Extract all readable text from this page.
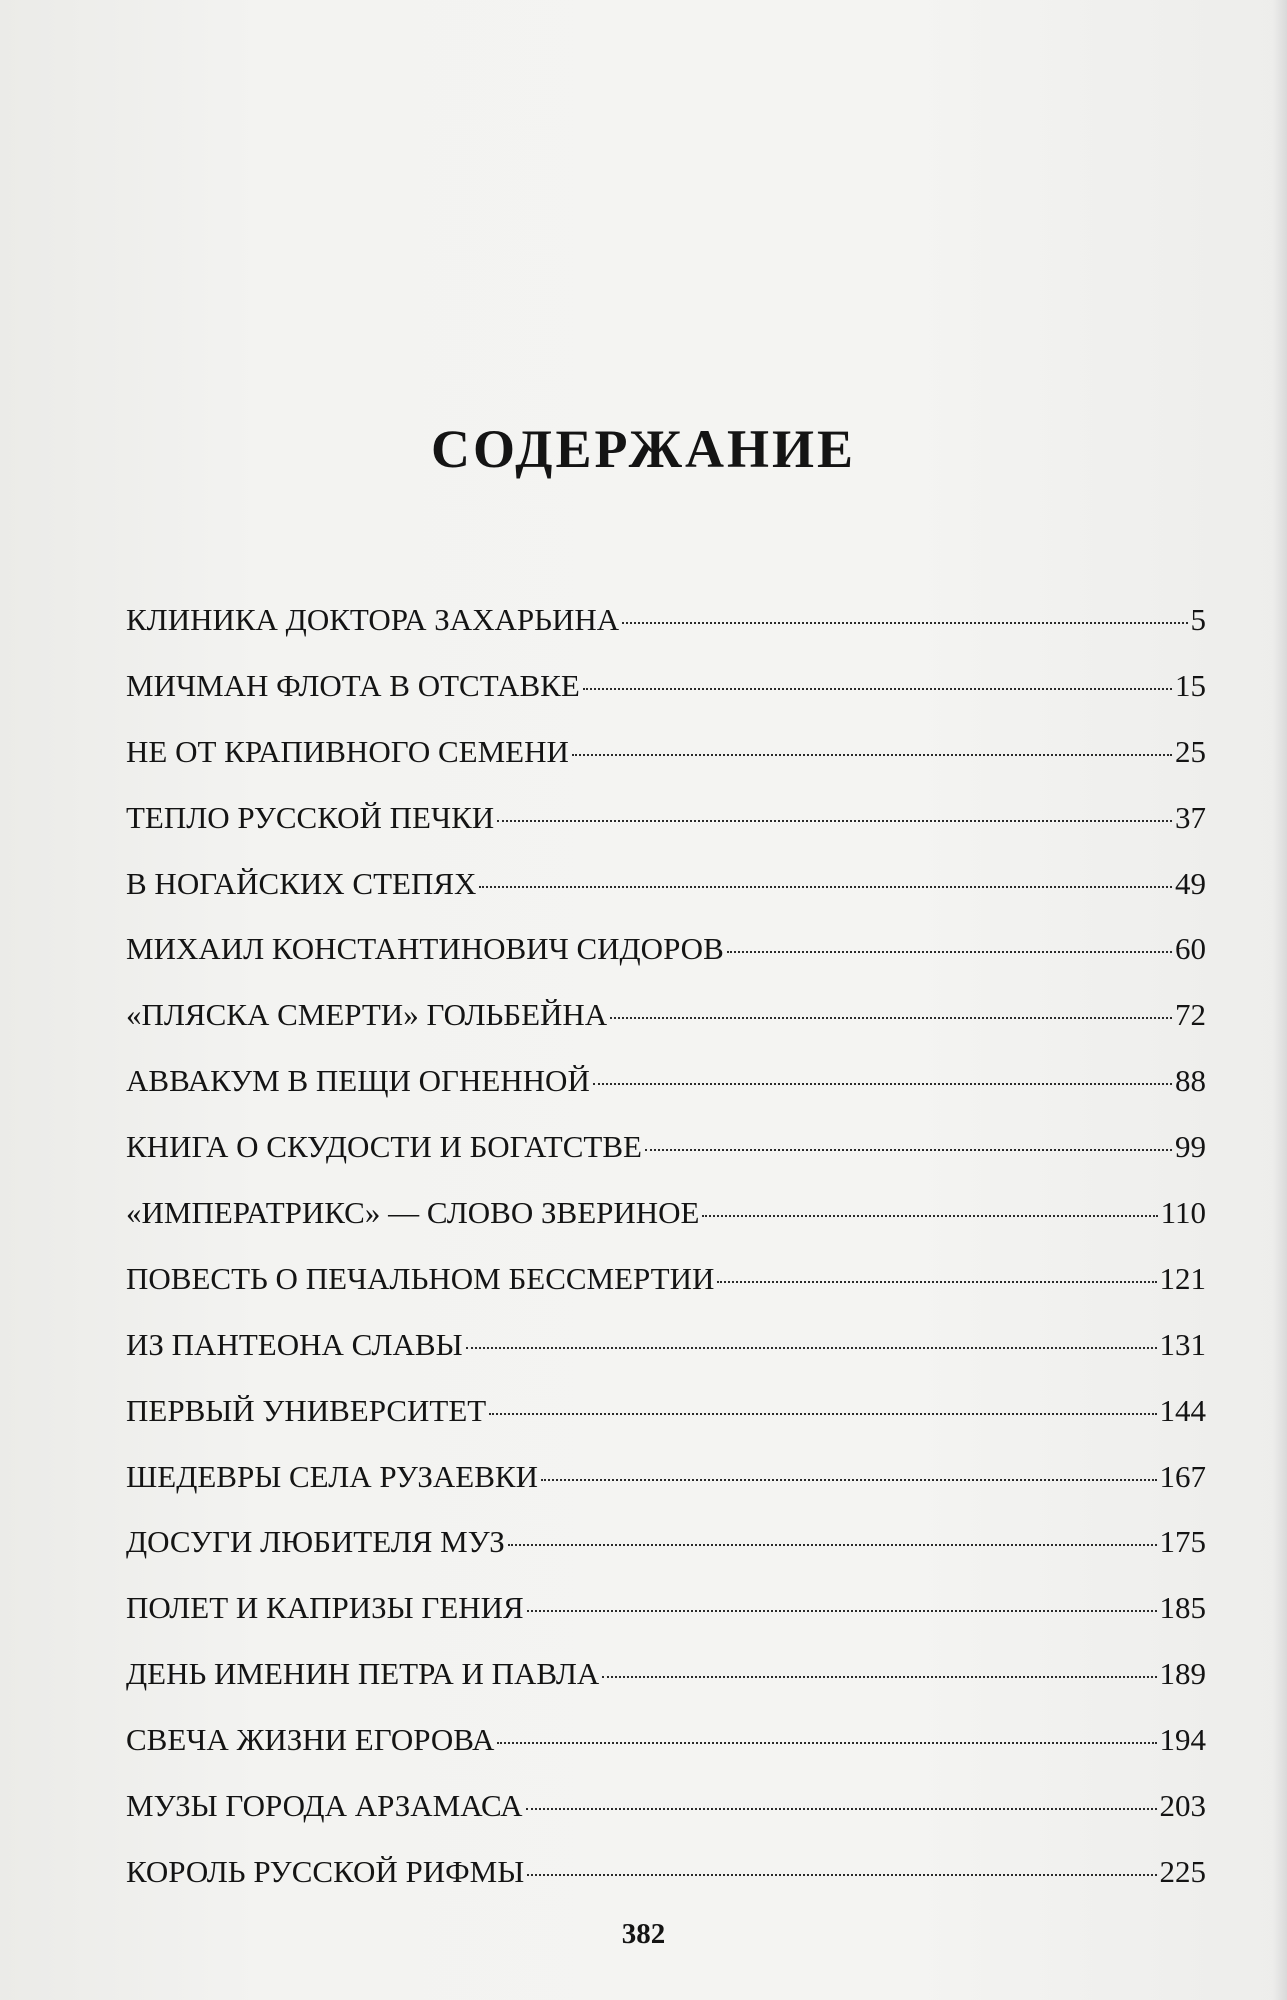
СОДЕРЖАНИЕ
КЛИНИКА ДОКТОРА ЗАХАРЬИНА	5
МИЧМАН ФЛОТА В ОТСТАВКЕ	15
НЕ ОТ КРАПИВНОГО СЕМЕНИ	25
ТЕПЛО РУССКОЙ ПЕЧКИ	37
В НОГАЙСКИХ СТЕПЯХ	49
МИХАИЛ КОНСТАНТИНОВИЧ СИДОРОВ	60
«ПЛЯСКА СМЕРТИ» ГОЛЬБЕЙНА	72
АВВАКУМ В ПЕЩИ ОГНЕННОЙ	88
КНИГА О СКУДОСТИ И БОГАТСТВЕ	99
«ИМПЕРАТРИКС» — СЛОВО ЗВЕРИНОЕ	110
ПОВЕСТЬ О ПЕЧАЛЬНОМ БЕССМЕРТИИ	121
ИЗ ПАНТЕОНА СЛАВЫ	131
ПЕРВЫЙ УНИВЕРСИТЕТ	144
ШЕДЕВРЫ СЕЛА РУЗАЕВКИ	167
ДОСУГИ ЛЮБИТЕЛЯ МУЗ	175
ПОЛЕТ И КАПРИЗЫ ГЕНИЯ	185
ДЕНЬ ИМЕНИН ПЕТРА И ПАВЛА	189
СВЕЧА ЖИЗНИ ЕГОРОВА	194
МУЗЫ ГОРОДА АРЗАМАСА	203
КОРОЛЬ РУССКОЙ РИФМЫ	225
382
